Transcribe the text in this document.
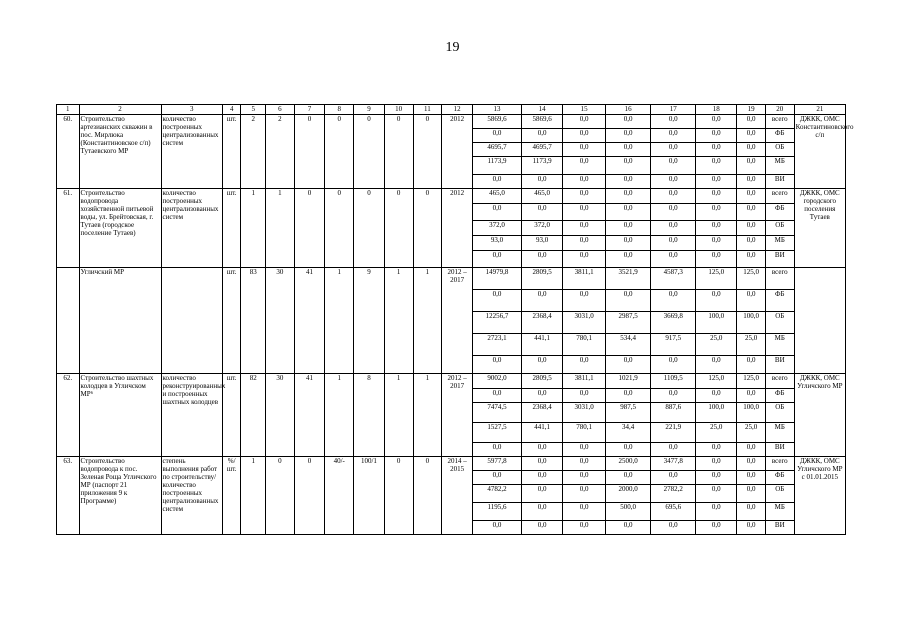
19
1	2	3	4	5	6	7	8	9	10	11	12	13	14	15	16	17	18	19	20	21
60.	Строительство артезианских скважин в пос. Мирлюка (Константиновское с/п) Тутаевского МР	количество построенных централизованных систем	шт.	2	2	0	0	0	0	0	2012	5869,6	5869,6	0,0	0,0	0,0	0,0	0,0	всего	ДЖКК, ОМС Константиновского с/п
												0,0	0,0	0,0	0,0	0,0	0,0	0,0	ФБ	
												4695,7	4695,7	0,0	0,0	0,0	0,0	0,0	ОБ	
												1173,9	1173,9	0,0	0,0	0,0	0,0	0,0	МБ	
												0,0	0,0	0,0	0,0	0,0	0,0	0,0	ВИ	
61.	Строительство водопровода хозяйственной питьевой воды, ул. Брейтовская, г. Тутаев (городское поселение Тутаев)	количество построенных централизованных систем	шт.	1	1	0	0	0	0	0	2012	465,0	465,0	0,0	0,0	0,0	0,0	0,0	всего	ДЖКК, ОМС городского поселения Тутаев
												0,0	0,0	0,0	0,0	0,0	0,0	0,0	ФБ	
												372,0	372,0	0,0	0,0	0,0	0,0	0,0	ОБ	
												93,0	93,0	0,0	0,0	0,0	0,0	0,0	МБ	
												0,0	0,0	0,0	0,0	0,0	0,0	0,0	ВИ	
	Угличский МР		шт.	83	30	41	1	9	1	1	2012 – 2017	14979,8	2809,5	3811,1	3521,9	4587,3	125,0	125,0	всего	
												0,0	0,0	0,0	0,0	0,0	0,0	0,0	ФБ	
												12256,7	2368,4	3031,0	2987,5	3669,8	100,0	100,0	ОБ	
												2723,1	441,1	780,1	534,4	917,5	25,0	25,0	МБ	
												0,0	0,0	0,0	0,0	0,0	0,0	0,0	ВИ	
62.	Строительство шахтных колодцев в Угличском МР⁶	количество реконструированных и построенных шахтных колодцев	шт.	82	30	41	1	8	1	1	2012 – 2017	9002,0	2809,5	3811,1	1021,9	1109,5	125,0	125,0	всего	ДЖКК, ОМС Угличского МР
												0,0	0,0	0,0	0,0	0,0	0,0	0,0	ФБ	
												7474,5	2368,4	3031,0	987,5	887,6	100,0	100,0	ОБ	
												1527,5	441,1	780,1	34,4	221,9	25,0	25,0	МБ	
												0,0	0,0	0,0	0,0	0,0	0,0	0,0	ВИ	
63.	Строительство водопровода к пос. Зеленая Роща Угличского МР (паспорт 21 приложения 9 к Программе)	степень выполнения работ по строительству/ количество построенных централизованных систем	%/ шт.	1	0	0	40/-	100/1	0	0	2014 – 2015	5977,8	0,0	0,0	2500,0	3477,8	0,0	0,0	всего	ДЖКК, ОМС Угличского МР с 01.01.2015
												0,0	0,0	0,0	0,0	0,0	0,0	0,0	ФБ	
												4782,2	0,0	0,0	2000,0	2782,2	0,0	0,0	ОБ	
												1195,6	0,0	0,0	500,0	695,6	0,0	0,0	МБ	
												0,0	0,0	0,0	0,0	0,0	0,0	0,0	ВИ	
